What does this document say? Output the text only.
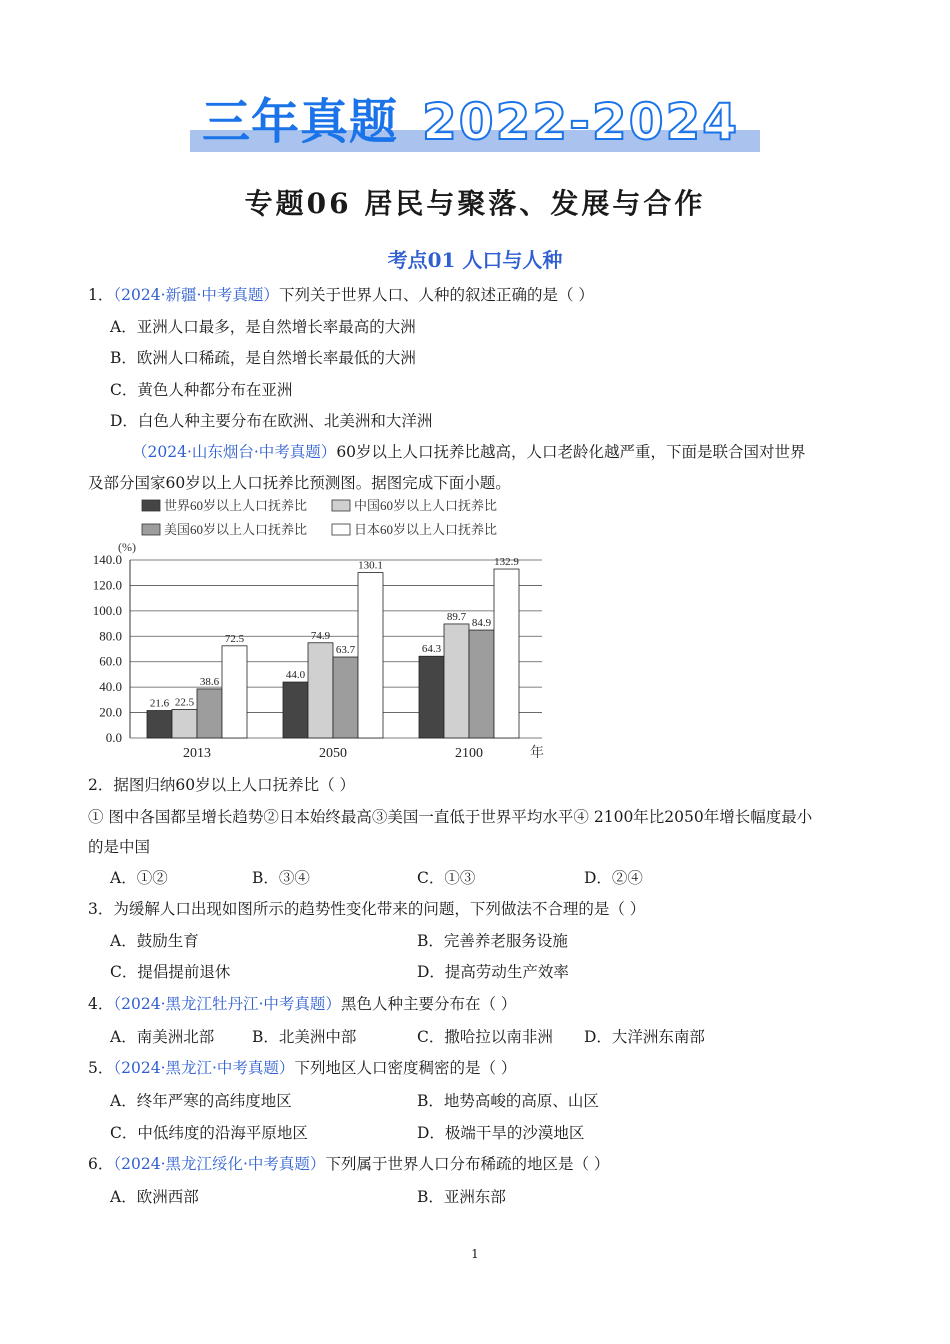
三年真题 2022-2024
专题06 居民与聚落、发展与合作
考点01 人口与人种
1．（2024·新疆·中考真题）下列关于世界人口、人种的叙述正确的是（ ）
A．亚洲人口最多，是自然增长率最高的大洲
B．欧洲人口稀疏，是自然增长率最低的大洲
C．黄色人种都分布在亚洲
D．白色人种主要分布在欧洲、北美洲和大洋洲
（2024·山东烟台·中考真题）60岁以上人口抚养比越高，人口老龄化越严重，下面是联合国对世界
及部分国家60岁以上人口抚养比预测图。据图完成下面小题。
世界60岁以上人口抚养比	中国60岁以上人口抚养比
美国60岁以上人口抚养比	日本60岁以上人口抚养比
(%)
0.0
20.0
40.0
60.0
80.0
100.0
120.0
140.0
21.6 22.5
38.6
72.5
44.0
74.9
63.7
130.1
64.3
89.7
84.9
132.9
2013	2050	2100	年
2．据图归纳60岁以上人口抚养比（ ）
① 图中各国都呈增长趋势②日本始终最高③美国一直低于世界平均水平④ 2100年比2050年增长幅度最小
的是中国
A．①②	B．③④	C．①③	D．②④
3．为缓解人口出现如图所示的趋势性变化带来的问题，下列做法不合理的是（ ）
A．鼓励生育	B．完善养老服务设施
C．提倡提前退休	D．提高劳动生产效率
4．（2024·黑龙江牡丹江·中考真题）黑色人种主要分布在（ ）
A．南美洲北部 B．北美洲中部	C．撒哈拉以南非洲 D．大洋洲东南部
5．（2024·黑龙江·中考真题）下列地区人口密度稠密的是（ ）
A．终年严寒的高纬度地区	B．地势高峻的高原、山区
C．中低纬度的沿海平原地区	D．极端干旱的沙漠地区
6．（2024·黑龙江绥化·中考真题）下列属于世界人口分布稀疏的地区是（ ）
A．欧洲西部	B．亚洲东部
1
